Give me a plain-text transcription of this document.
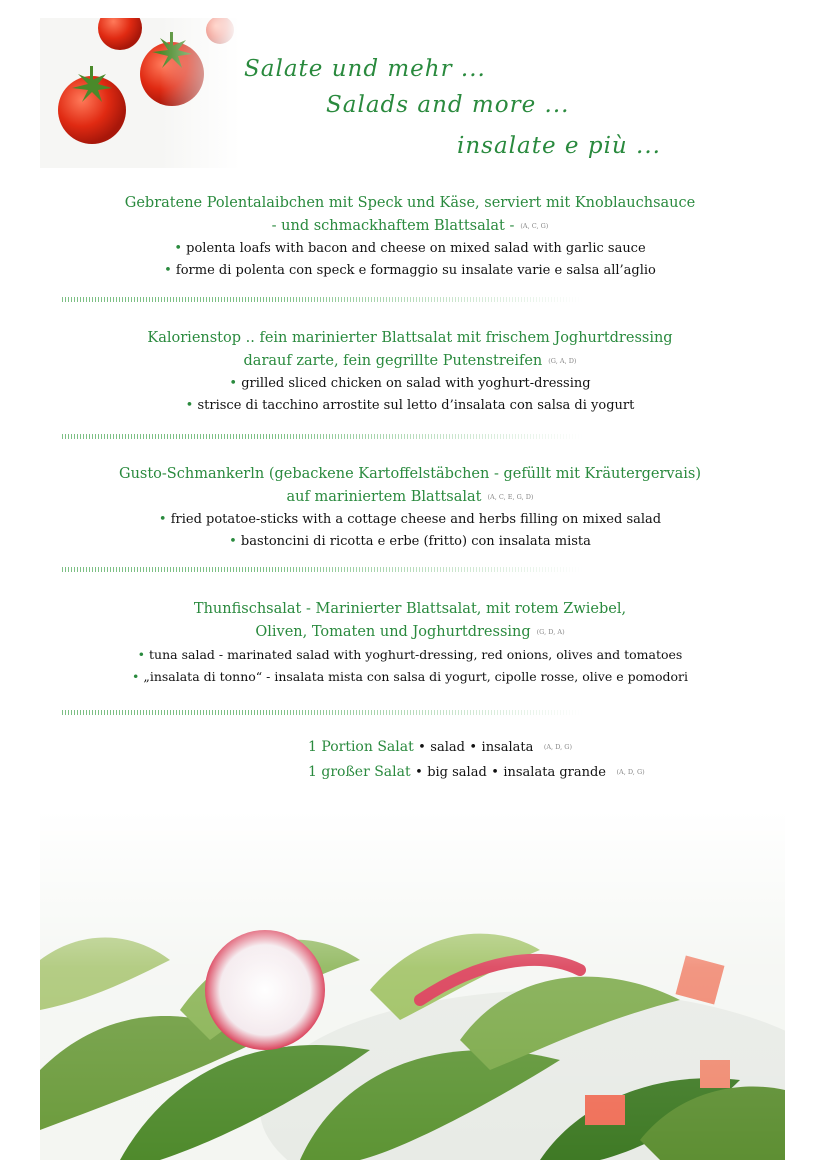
Salate und mehr ...
Salads and more ...
insalate e più ...
Gebratene Polentalaibchen mit Speck und Käse, serviert mit Knoblauchsauce
- und schmackhaftem Blattsalat - (A, C, G)
• polenta loafs with bacon and cheese on mixed salad with garlic sauce
• forme di polenta con speck e formaggio su insalate varie e salsa all’aglio
Kalorienstop .. fein marinierter Blattsalat mit frischem Joghurtdressing
darauf zarte, fein gegrillte Putenstreifen (G, A, D)
• grilled sliced chicken on salad with yoghurt-dressing
• strisce di tacchino arrostite sul letto d’insalata con salsa di yogurt
Gusto-Schmankerln (gebackene Kartoffelstäbchen - gefüllt mit Kräutergervais)
auf mariniertem Blattsalat (A, C, E, G, D)
• fried potatoe-sticks with a cottage cheese and herbs filling on mixed salad
• bastoncini di ricotta e erbe (fritto) con insalata mista
Thunfischsalat - Marinierter Blattsalat, mit rotem Zwiebel,
Oliven, Tomaten und Joghurtdressing (G, D, A)
• tuna salad - marinated salad with yoghurt-dressing, red onions, olives and tomatoes
• „insalata di tonno“ - insalata mista con salsa di yogurt, cipolle rosse, olive e pomodori
1 Portion Salat • salad • insalata (A, D, G)
1 großer Salat • big salad • insalata grande (A, D, G)
